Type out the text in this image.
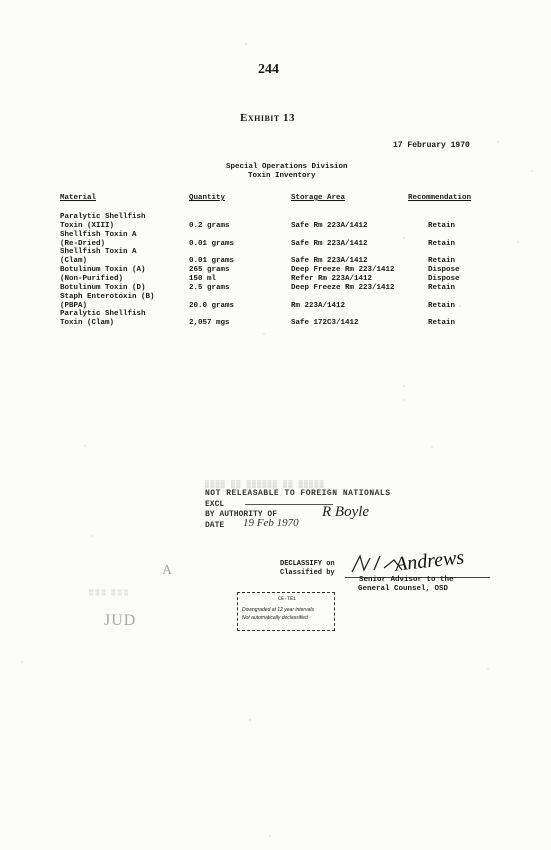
244
Exhibit 13
17 February 1970
Special Operations Division
Toxin Inventory
Material	Quantity	Storage Area	Recommendation
Paralytic Shellfish
Toxin (XIII)	0.2 grams	Safe Rm 223A/1412	Retain
Shellfish Toxin A
(Re-Dried)	0.01 grams	Safe Rm 223A/1412	Retain
Shellfish Toxin A
(Clam)	0.01 grams	Safe Rm 223A/1412	Retain
Botulinum Toxin (A)	265 grams	Deep Freeze Rm 223/1412	Dispose
(Non-Purified)	150 ml	Refer Rm 223A/1412	Dispose
Botulinum Toxin (D)	2.5 grams	Deep Freeze Rm 223/1412	Retain
Staph Enterotoxin (B)
(PBPA)	20.0 grams	Rm 223A/1412	Retain
Paralytic Shellfish
Toxin (Clam)	2,057 mgs	Safe 172C3/1412	Retain
▒▒▒▒ ▒▒ ▒▒▒▒▒▒ ▒▒ ▒▒▒▒▒
NOT RELEASABLE TO FOREIGN NATIONALS
EXCL
BY AUTHORITY OF	R Boyle
DATE 19 Feb 1970
DECLASSIFY on
Classified by	Andrews
Senior Advisor to the
General Counsel, OSD
CE-TE1
Downgraded at 12 year intervals
Not automatically declassified
A
▒▒▒ ▒▒▒
JUD
